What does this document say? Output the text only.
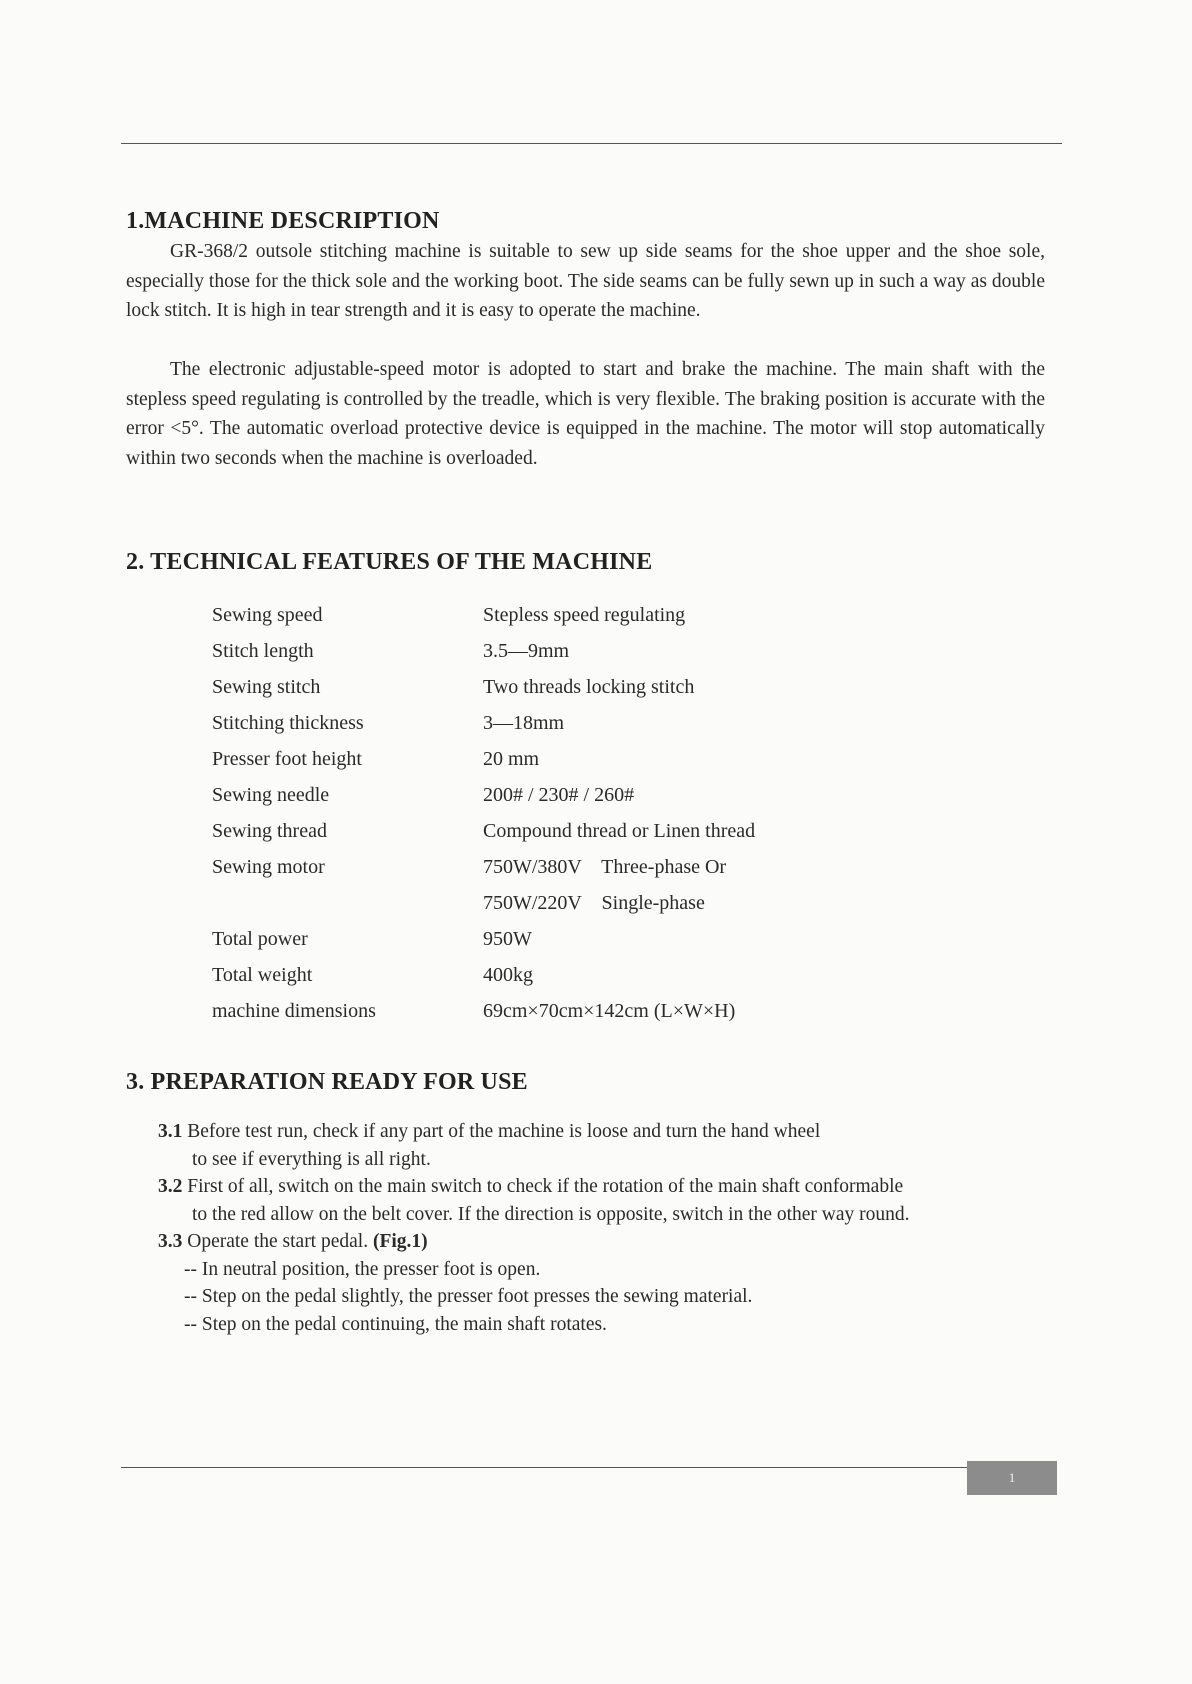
1.MACHINE DESCRIPTION

GR-368/2 outsole stitching machine is suitable to sew up side seams for the shoe upper and the shoe sole, especially those for the thick sole and the working boot. The side seams can be fully sewn up in such a way as double lock stitch. It is high in tear strength and it is easy to operate the machine.

The electronic adjustable-speed motor is adopted to start and brake the machine. The main shaft with the stepless speed regulating is controlled by the treadle, which is very flexible. The braking position is accurate with the error <5°. The automatic overload protective device is equipped in the machine. The motor will stop automatically within two seconds when the machine is overloaded.

2. TECHNICAL FEATURES OF THE MACHINE
Sewing speed	Stepless speed regulating
Stitch length	3.5—9mm
Sewing stitch	Two threads locking stitch
Stitching thickness	3—18mm
Presser foot height	20 mm
Sewing needle	200# / 230# / 260#
Sewing thread	Compound thread or Linen thread
Sewing motor	750W/380V    Three-phase Or
	750W/220V    Single-phase
Total power	950W
Total weight	400kg
machine dimensions	69cm×70cm×142cm (L×W×H)
3. PREPARATION READY FOR USE
3.1 Before test run, check if any part of the machine is loose and turn the hand wheel
to see if everything is all right.
3.2 First of all, switch on the main switch to check if the rotation of the main shaft conformable
to the red allow on the belt cover. If the direction is opposite, switch in the other way round.
3.3 Operate the start pedal. (Fig.1)
-- In neutral position, the presser foot is open.
-- Step on the pedal slightly, the presser foot presses the sewing material.
-- Step on the pedal continuing, the main shaft rotates.
1
